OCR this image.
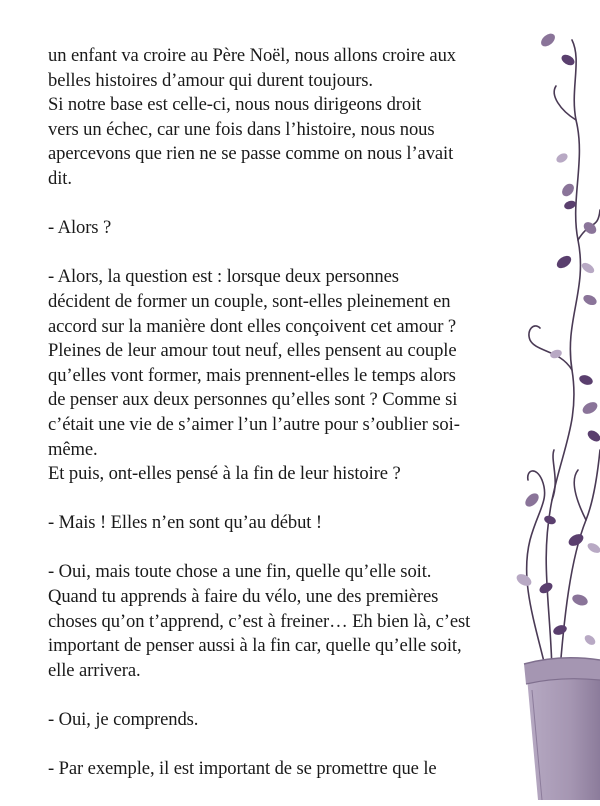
un enfant va croire au Père Noël, nous allons croire aux
belles histoires d’amour qui durent toujours.
Si notre base est celle-ci, nous nous dirigeons droit
vers un échec, car une fois dans l’histoire, nous nous
apercevons que rien ne se passe comme on nous l’avait
dit.
- Alors ?
- Alors, la question est : lorsque deux personnes
décident de former un couple, sont-elles pleinement en
accord sur la manière dont elles conçoivent cet amour ?
Pleines de leur amour tout neuf, elles pensent au couple
qu’elles vont former, mais prennent-elles le temps alors
de penser aux deux personnes qu’elles sont ? Comme si
c’était une vie de s’aimer l’un l’autre pour s’oublier soi-
même.
Et puis, ont-elles pensé à la fin de leur histoire ?
- Mais ! Elles n’en sont qu’au début !
- Oui, mais toute chose a une fin, quelle qu’elle soit.
Quand tu apprends à faire du vélo, une des premières
choses qu’on t’apprend, c’est à freiner… Eh bien là, c’est
important de penser aussi à la fin car, quelle qu’elle soit,
elle arrivera.
- Oui, je comprends.
- Par exemple, il est important de se promettre que le
